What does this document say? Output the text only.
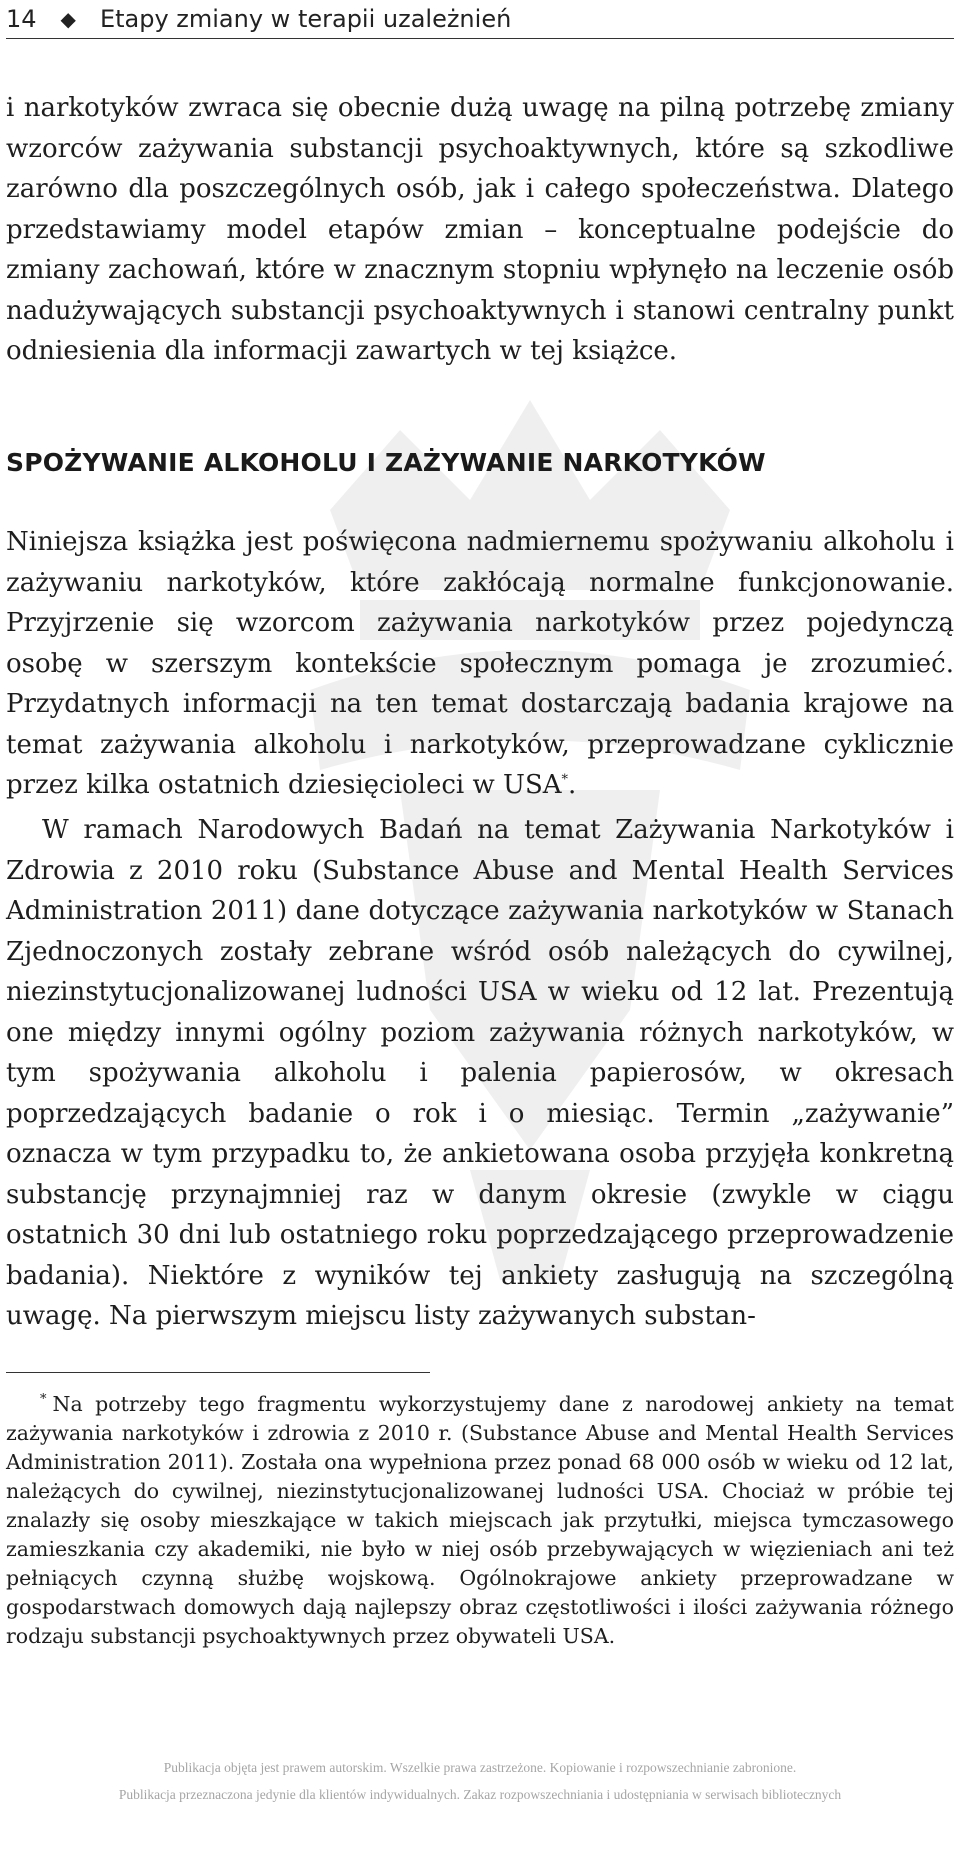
14 ◆ Etapy zmiany w terapii uzależnień

i narkotyków zwraca się obecnie dużą uwagę na pilną potrzebę zmiany wzorców zażywania substancji psychoaktywnych, które są szkodliwe zarówno dla poszczególnych osób, jak i całego społeczeństwa. Dlatego przedstawiamy model etapów zmian – konceptualne podejście do zmiany zachowań, które w znacznym stopniu wpłynęło na leczenie osób nadużywających substancji psychoaktywnych i stanowi centralny punkt odniesienia dla informacji zawartych w tej książce.

SPOŻYWANIE ALKOHOLU I ZAŻYWANIE NARKOTYKÓW

Niniejsza książka jest poświęcona nadmiernemu spożywaniu alkoholu i zażywaniu narkotyków, które zakłócają normalne funkcjonowanie. Przyjrzenie się wzorcom zażywania narkotyków przez pojedynczą osobę w szerszym kontekście społecznym pomaga je zrozumieć. Przydatnych informacji na ten temat dostarczają badania krajowe na temat zażywania alkoholu i narkotyków, przeprowadzane cyklicznie przez kilka ostatnich dziesięcioleci w USA*.

W ramach Narodowych Badań na temat Zażywania Narkotyków i Zdrowia z 2010 roku (Substance Abuse and Mental Health Services Administration 2011) dane dotyczące zażywania narkotyków w Stanach Zjednoczonych zostały zebrane wśród osób należących do cywilnej, niezinstytucjonalizowanej ludności USA w wieku od 12 lat. Prezentują one między innymi ogólny poziom zażywania różnych narkotyków, w tym spożywania alkoholu i palenia papierosów, w okresach poprzedzających badanie o rok i o miesiąc. Termin „zażywanie” oznacza w tym przypadku to, że ankietowana osoba przyjęła konkretną substancję przynajmniej raz w danym okresie (zwykle w ciągu ostatnich 30 dni lub ostatniego roku poprzedzającego przeprowadzenie badania). Niektóre z wyników tej ankiety zasługują na szczególną uwagę. Na pierwszym miejscu listy zażywanych substan-

* Na potrzeby tego fragmentu wykorzystujemy dane z narodowej ankiety na temat zażywania narkotyków i zdrowia z 2010 r. (Substance Abuse and Mental Health Services Administration 2011). Została ona wypełniona przez ponad 68 000 osób w wieku od 12 lat, należących do cywilnej, niezinstytucjonalizowanej ludności USA. Chociaż w próbie tej znalazły się osoby mieszkające w takich miejscach jak przytułki, miejsca tymczasowego zamieszkania czy akademiki, nie było w niej osób przebywających w więzieniach ani też pełniących czynną służbę wojskową. Ogólnokrajowe ankiety przeprowadzane w gospodarstwach domowych dają najlepszy obraz częstotliwości i ilości zażywania różnego rodzaju substancji psychoaktywnych przez obywateli USA.

Publikacja objęta jest prawem autorskim. Wszelkie prawa zastrzeżone. Kopiowanie i rozpowszechnianie zabronione.
Publikacja przeznaczona jedynie dla klientów indywidualnych. Zakaz rozpowszechniania i udostępniania w serwisach bibliotecznych
